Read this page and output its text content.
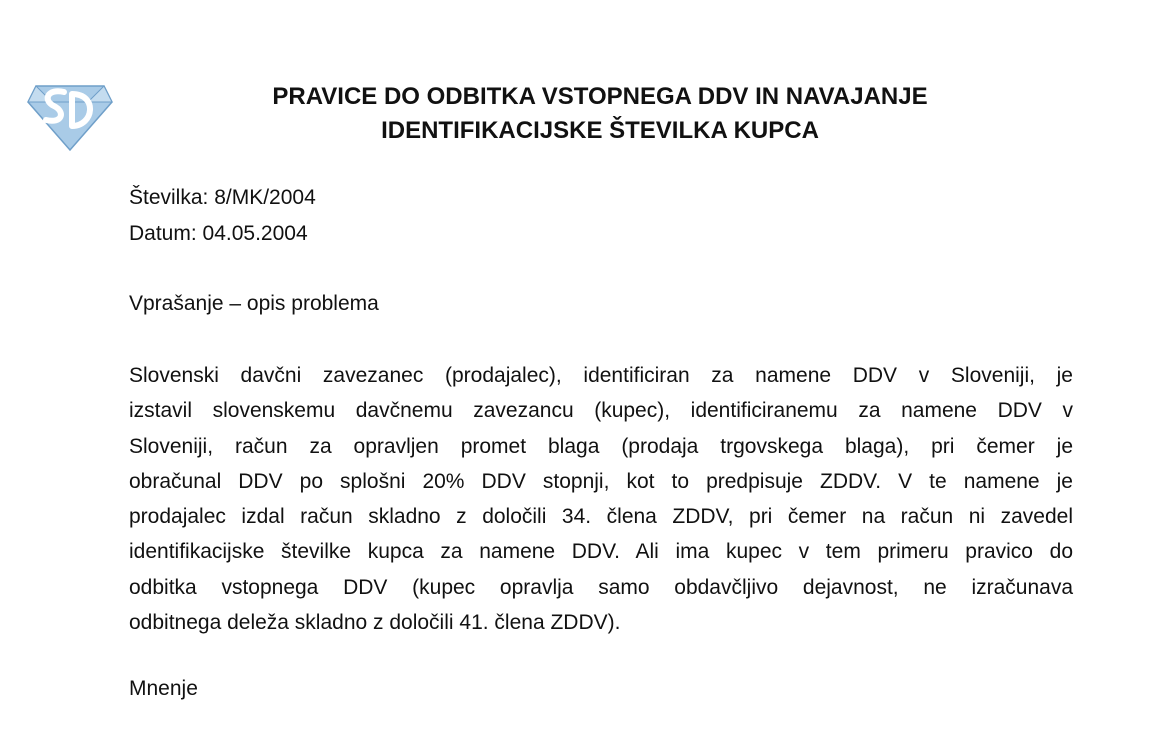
PRAVICE DO ODBITKA VSTOPNEGA DDV IN NAVAJANJE
IDENTIFIKACIJSKE ŠTEVILKA KUPCA

Številka: 8/MK/2004

Datum: 04.05.2004

Vprašanje – opis problema

Slovenski davčni zavezanec (prodajalec), identificiran za namene DDV v Sloveniji, je
izstavil slovenskemu davčnemu zavezancu (kupec), identificiranemu za namene DDV v
Sloveniji, račun za opravljen promet blaga (prodaja trgovskega blaga), pri čemer je
obračunal DDV po splošni 20% DDV stopnji, kot to predpisuje ZDDV. V te namene je
prodajalec izdal račun skladno z določili 34. člena ZDDV, pri čemer na račun ni zavedel
identifikacijske številke kupca za namene DDV. Ali ima kupec v tem primeru pravico do
odbitka vstopnega DDV (kupec opravlja samo obdavčljivo dejavnost, ne izračunava
odbitnega deleža skladno z določili 41. člena ZDDV).

Mnenje
